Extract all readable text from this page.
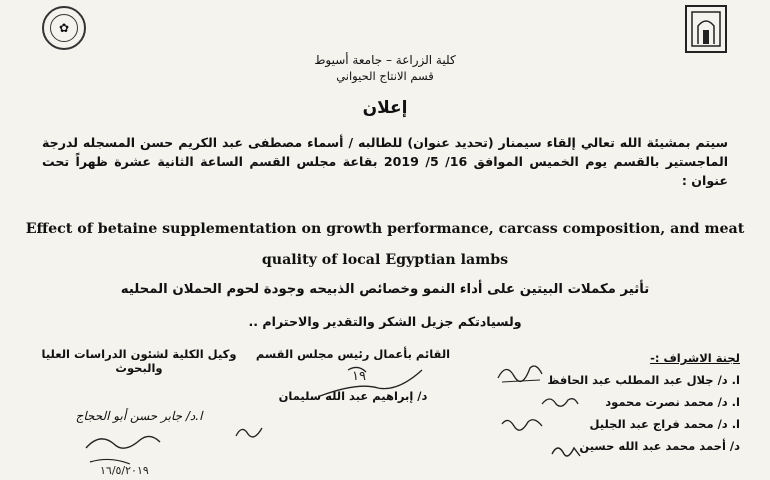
✿
كلية الزراعة – جامعة أسيوط
قسم الانتاج الحيواني
إعلان
سيتم بمشيئة الله تعالي إلقاء سيمنار (تحديد عنوان) للطالبه / أسماء مصطفى عبد الكريم حسن المسجله لدرجة الماجستير بالقسم يوم الخميس الموافق 16/ 5/ 2019 بقاعة مجلس القسم الساعة الثانية عشرة ظهراً تحت عنوان :
Effect of betaine supplementation on growth performance, carcass composition, and meat quality of local Egyptian lambs
تأثير مكملات البيتين على أداء النمو وخصائص الذبيحه وجودة لحوم الحملان المحليه
ولسيادتكم جزيل الشكر والتقدير والاحترام ..
لجنة الاشراف :-
ا. د/ جلال عبد المطلب عبد الحافظ
ا. د/ محمد نصرت محمود
ا. د/ محمد فراج عبد الجليل
د/ أحمد محمد عبد الله حسين
القائم بأعمال رئيس مجلس القسم
د/ إبراهيم عبد الله سليمان
وكيل الكلية لشئون الدراسات العليا والبحوث
ا.د/ جابر حسن أبو الحجاج
١٩
١٦/٥/٢٠١٩
